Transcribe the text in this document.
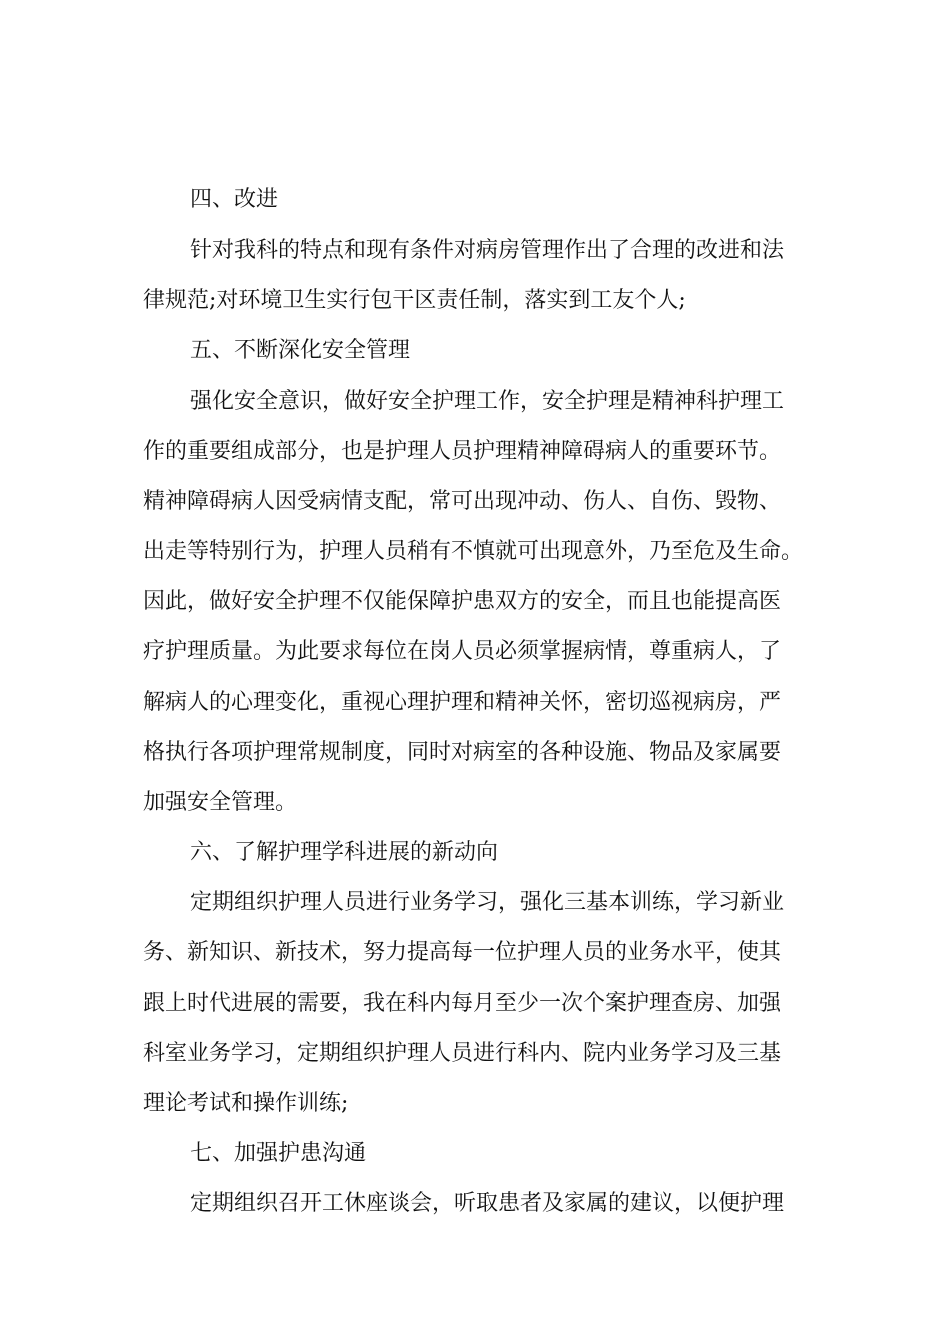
四、改进

针对我科的特点和现有条件对病房管理作出了合理的改进和法

律规范;对环境卫生实行包干区责任制，落实到工友个人;

五、不断深化安全管理

强化安全意识，做好安全护理工作，安全护理是精神科护理工

作的重要组成部分，也是护理人员护理精神障碍病人的重要环节。

精神障碍病人因受病情支配，常可出现冲动、伤人、自伤、毁物、

出走等特别行为，护理人员稍有不慎就可出现意外，乃至危及生命。

因此，做好安全护理不仅能保障护患双方的安全，而且也能提高医

疗护理质量。为此要求每位在岗人员必须掌握病情，尊重病人，了

解病人的心理变化，重视心理护理和精神关怀，密切巡视病房，严

格执行各项护理常规制度，同时对病室的各种设施、物品及家属要

加强安全管理。

六、了解护理学科进展的新动向

定期组织护理人员进行业务学习，强化三基本训练，学习新业

务、新知识、新技术，努力提高每一位护理人员的业务水平，使其

跟上时代进展的需要，我在科内每月至少一次个案护理查房、加强

科室业务学习，定期组织护理人员进行科内、院内业务学习及三基

理论考试和操作训练;

七、加强护患沟通

定期组织召开工休座谈会，听取患者及家属的建议，以便护理
